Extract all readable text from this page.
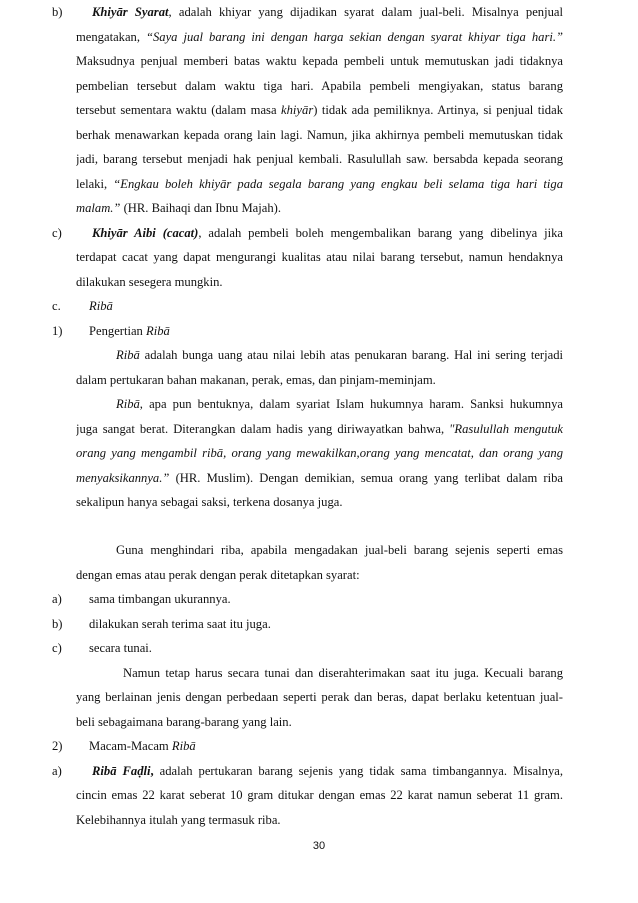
b) Khiyār Syarat, adalah khiyar yang dijadikan syarat dalam jual-beli. Misalnya penjual
mengatakan, “Saya jual barang ini dengan harga sekian dengan syarat khiyar tiga hari.”
Maksudnya penjual memberi batas waktu kepada pembeli untuk memutuskan jadi tidaknya
pembelian tersebut dalam waktu tiga hari. Apabila pembeli mengiyakan, status barang
tersebut sementara waktu (dalam masa khiyār) tidak ada pemiliknya. Artinya, si penjual tidak
berhak menawarkan kepada orang lain lagi. Namun, jika akhirnya pembeli memutuskan tidak
jadi, barang tersebut menjadi hak penjual kembali. Rasulullah saw. bersabda kepada seorang
lelaki, “Engkau boleh khiyār pada segala barang yang engkau beli selama tiga hari tiga
malam.” (HR. Baihaqi dan Ibnu Majah).
c) Khiyār Aibi (cacat), adalah pembeli boleh mengembalikan barang yang dibelinya jika
terdapat cacat yang dapat mengurangi kualitas atau nilai barang tersebut, namun hendaknya
dilakukan sesegera mungkin.
c. Ribā
1) Pengertian Ribā
Ribā adalah bunga uang atau nilai lebih atas penukaran barang. Hal ini sering terjadi
dalam pertukaran bahan makanan, perak, emas, dan pinjam-meminjam.
Ribā, apa pun bentuknya, dalam syariat Islam hukumnya haram. Sanksi hukumnya
juga sangat berat. Diterangkan dalam hadis yang diriwayatkan bahwa, "Rasulullah mengutuk
orang yang mengambil ribā, orang yang mewakilkan,orang yang mencatat, dan orang yang
menyaksikannya.” (HR. Muslim). Dengan demikian, semua orang yang terlibat dalam riba
sekalipun hanya sebagai saksi, terkena dosanya juga.
Guna menghindari riba, apabila mengadakan jual-beli barang sejenis seperti emas
dengan emas atau perak dengan perak ditetapkan syarat:
a) sama timbangan ukurannya.
b) dilakukan serah terima saat itu juga.
c) secara tunai.
Namun tetap harus secara tunai dan diserahterimakan saat itu juga. Kecuali barang
yang berlainan jenis dengan perbedaan seperti perak dan beras, dapat berlaku ketentuan jual-
beli sebagaimana barang-barang yang lain.
2) Macam-Macam Ribā
a) Ribā Faḍli, adalah pertukaran barang sejenis yang tidak sama timbangannya. Misalnya,
cincin emas 22 karat seberat 10 gram ditukar dengan emas 22 karat namun seberat 11 gram.
Kelebihannya itulah yang termasuk riba.
30
